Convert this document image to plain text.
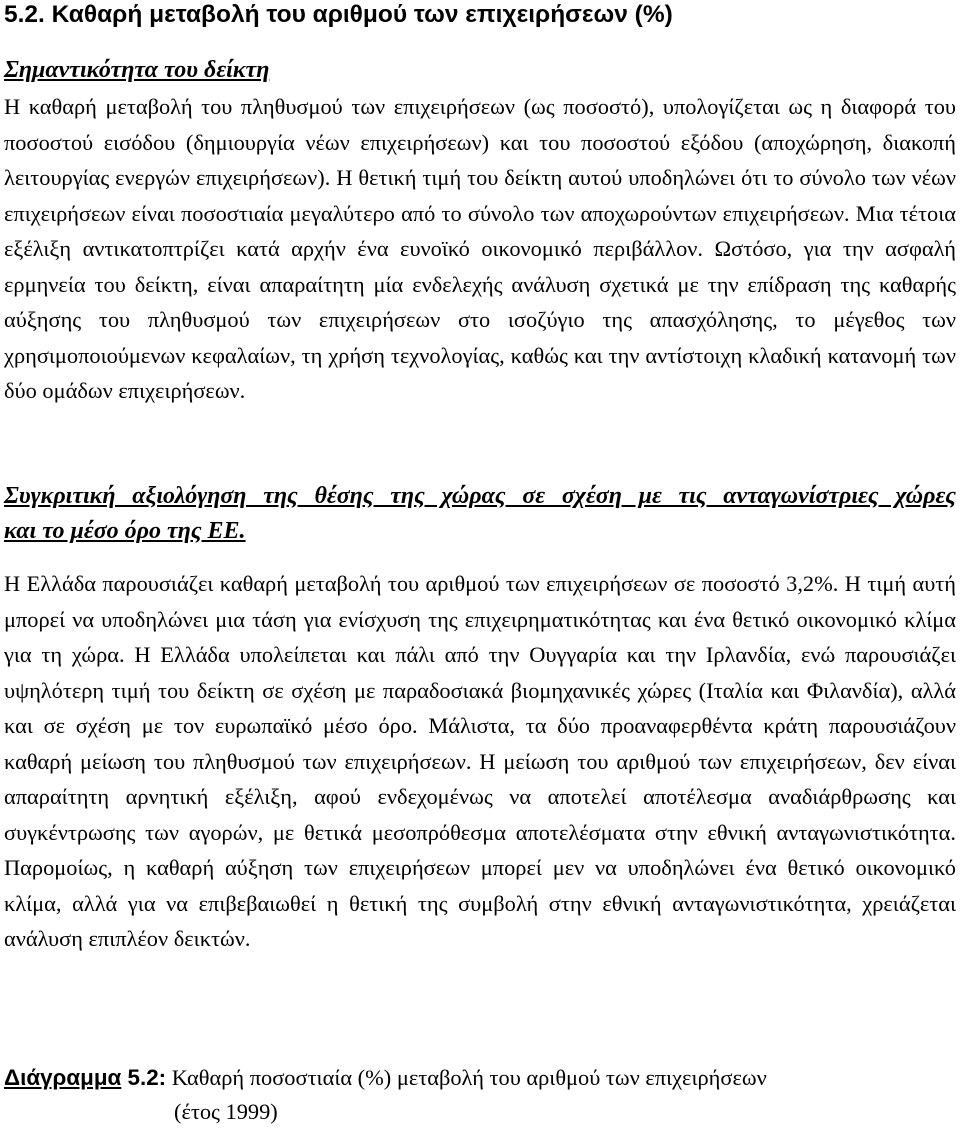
5.2. Καθαρή μεταβολή του αριθμού των επιχειρήσεων (%)
Σημαντικότητα του δείκτη

Η καθαρή μεταβολή του πληθυσμού των επιχειρήσεων (ως ποσοστό), υπολογίζεται ως η διαφορά του ποσοστού εισόδου (δημιουργία νέων επιχειρήσεων) και του ποσοστού εξόδου (αποχώρηση, διακοπή λειτουργίας ενεργών επιχειρήσεων). Η θετική τιμή του δείκτη αυτού υποδηλώνει ότι το σύνολο των νέων επιχειρήσεων είναι ποσοστιαία μεγαλύτερο από το σύνολο των αποχωρούντων επιχειρήσεων. Μια τέτοια εξέλιξη αντικατοπτρίζει κατά αρχήν ένα ευνοϊκό οικονομικό περιβάλλον. Ωστόσο, για την ασφαλή ερμηνεία του δείκτη, είναι απαραίτητη μία ενδελεχής ανάλυση σχετικά με την επίδραση της καθαρής αύξησης του πληθυσμού των επιχειρήσεων στο ισοζύγιο της απασχόλησης, το μέγεθος των χρησιμοποιούμενων κεφαλαίων, τη χρήση τεχνολογίας, καθώς και την αντίστοιχη κλαδική κατανομή των δύο ομάδων επιχειρήσεων.

Συγκριτική αξιολόγηση της θέσης της χώρας σε σχέση με τις ανταγωνίστριες χώρες
και το μέσο όρο της ΕΕ.

Η Ελλάδα παρουσιάζει καθαρή μεταβολή του αριθμού των επιχειρήσεων σε ποσοστό 3,2%. Η τιμή αυτή μπορεί να υποδηλώνει μια τάση για ενίσχυση της επιχειρηματικότητας και ένα θετικό οικονομικό κλίμα για τη χώρα. Η Ελλάδα υπολείπεται και πάλι από την Ουγγαρία και την Ιρλανδία, ενώ παρουσιάζει υψηλότερη τιμή του δείκτη σε σχέση με παραδοσιακά βιομηχανικές χώρες (Ιταλία και Φιλανδία), αλλά και σε σχέση με τον ευρωπαϊκό μέσο όρο. Μάλιστα, τα δύο προαναφερθέντα κράτη παρουσιάζουν καθαρή μείωση του πληθυσμού των επιχειρήσεων. Η μείωση του αριθμού των επιχειρήσεων, δεν είναι απαραίτητη αρνητική εξέλιξη, αφού ενδεχομένως να αποτελεί αποτέλεσμα αναδιάρθρωσης και συγκέντρωσης των αγορών, με θετικά μεσοπρόθεσμα αποτελέσματα στην εθνική ανταγωνιστικότητα. Παρομοίως, η καθαρή αύξηση των επιχειρήσεων μπορεί μεν να υποδηλώνει ένα θετικό οικονομικό κλίμα, αλλά για να επιβεβαιωθεί η θετική της συμβολή στην εθνική ανταγωνιστικότητα, χρειάζεται ανάλυση επιπλέον δεικτών.

Διάγραμμα 5.2: Καθαρή ποσοστιαία (%) μεταβολή του αριθμού των επιχειρήσεων
(έτος 1999)
